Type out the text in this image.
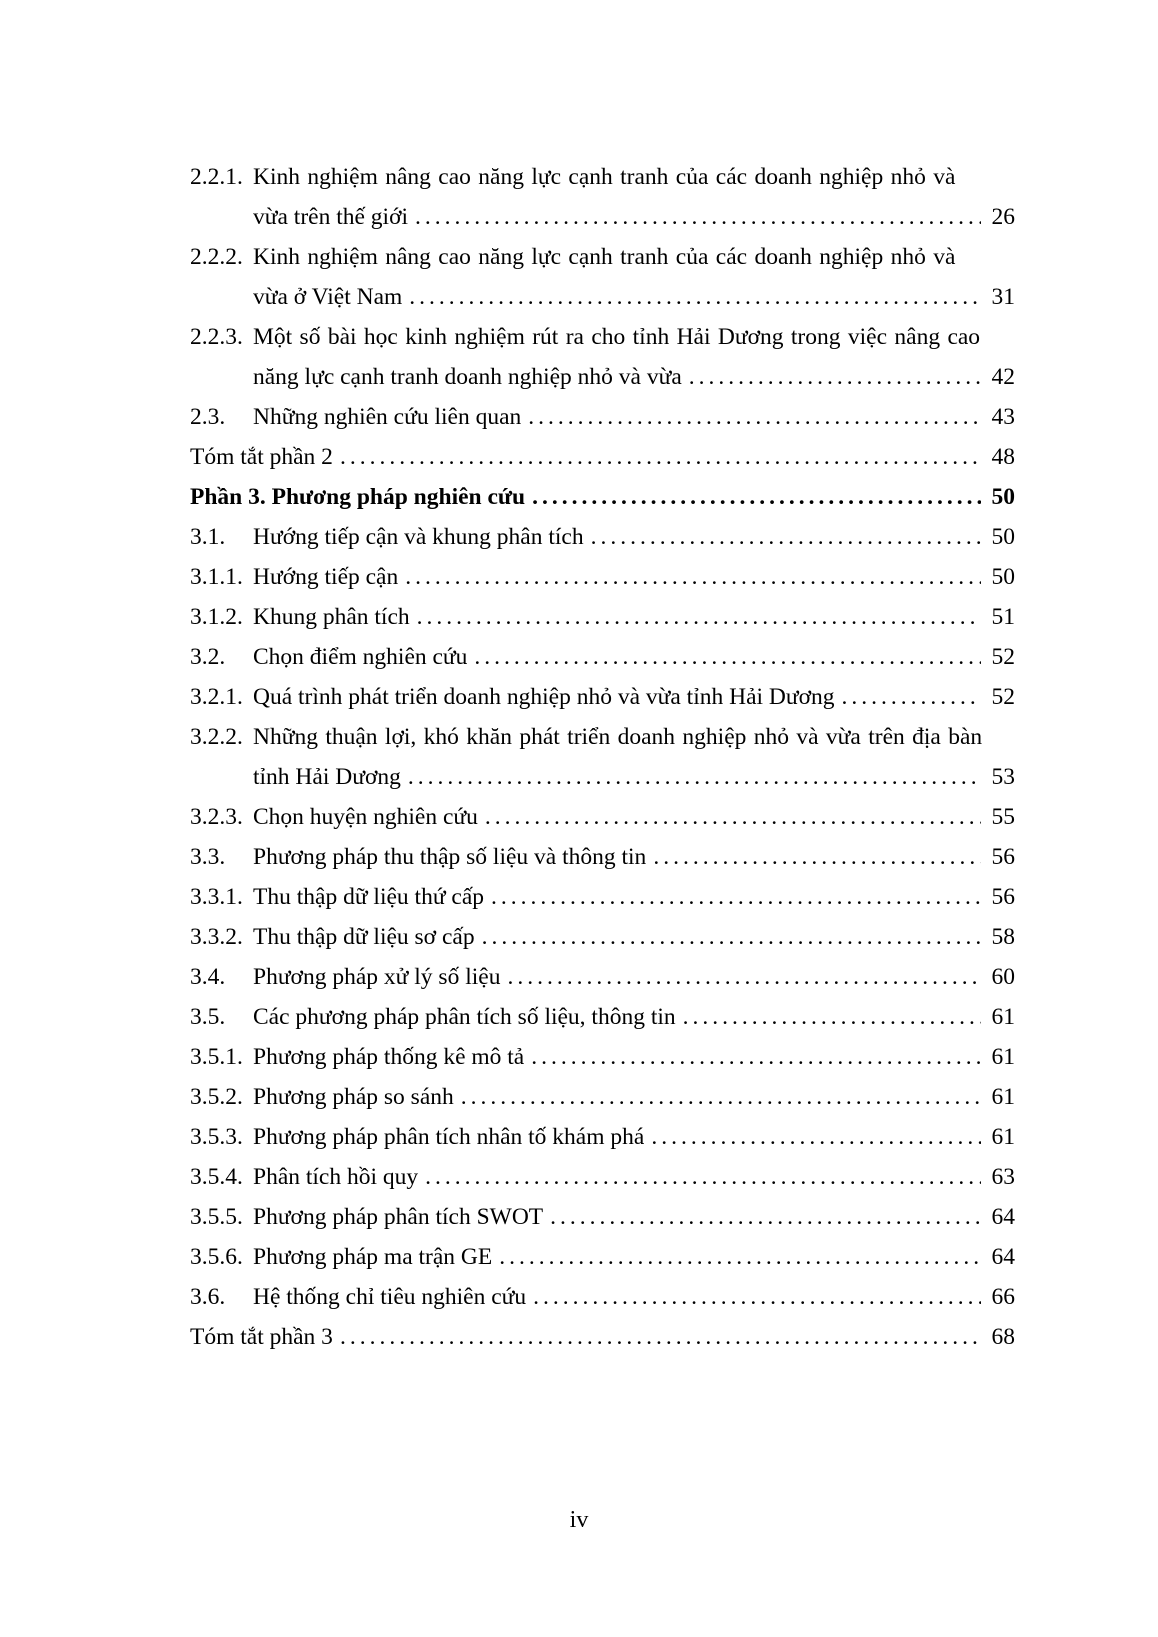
2.2.1. Kinh nghiệm nâng cao năng lực cạnh tranh của các doanh nghiệp nhỏ và
vừa trên thế giới .....	26
2.2.2. Kinh nghiệm nâng cao năng lực cạnh tranh của các doanh nghiệp nhỏ và
vừa ở Việt Nam .....	31
2.2.3. Một số bài học kinh nghiệm rút ra cho tỉnh Hải Dương trong việc nâng cao
năng lực cạnh tranh doanh nghiệp nhỏ và vừa .....	42
2.3.	Những nghiên cứu liên quan .....	43
Tóm tắt phần 2 .....	48
Phần 3. Phương pháp nghiên cứu .....	50
3.1.	Hướng tiếp cận và khung phân tích .....	50
3.1.1. Hướng tiếp cận .....	50
3.1.2. Khung phân tích .....	51
3.2.	Chọn điểm nghiên cứu .....	52
3.2.1. Quá trình phát triển doanh nghiệp nhỏ và vừa tỉnh Hải Dương .....	52
3.2.2. Những thuận lợi, khó khăn phát triển doanh nghiệp nhỏ và vừa trên địa bàn
tỉnh Hải Dương .....	53
3.2.3. Chọn huyện nghiên cứu .....	55
3.3.	Phương pháp thu thập số liệu và thông tin .....	56
3.3.1. Thu thập dữ liệu thứ cấp .....	56
3.3.2. Thu thập dữ liệu sơ cấp .....	58
3.4.	Phương pháp xử lý số liệu .....	60
3.5.	Các phương pháp phân tích số liệu, thông tin .....	61
3.5.1. Phương pháp thống kê mô tả .....	61
3.5.2. Phương pháp so sánh .....	61
3.5.3. Phương pháp phân tích nhân tố khám phá .....	61
3.5.4. Phân tích hồi quy .....	63
3.5.5. Phương pháp phân tích SWOT .....	64
3.5.6. Phương pháp ma trận GE .....	64
3.6.	Hệ thống chỉ tiêu nghiên cứu .....	66
Tóm tắt phần 3 .....	68
iv
